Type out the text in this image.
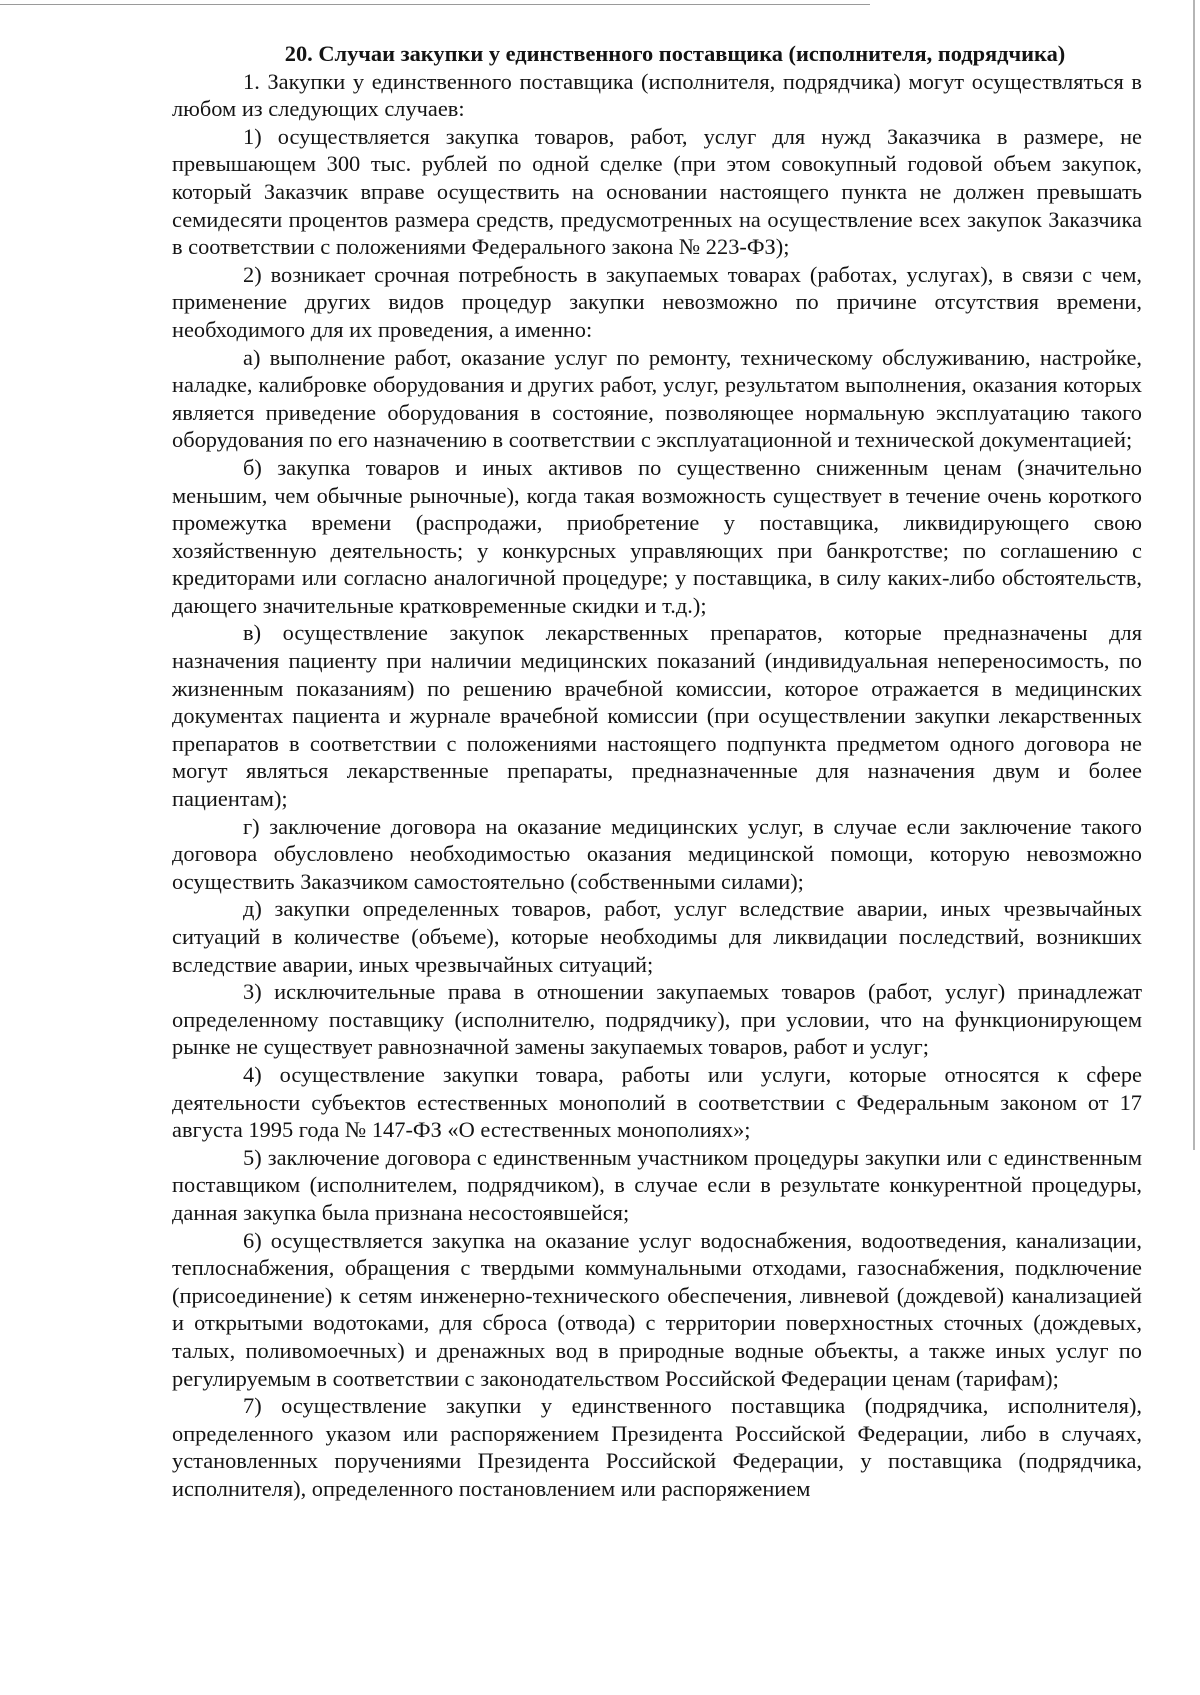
20. Случаи закупки у единственного поставщика (исполнителя, подрядчика)

1. Закупки у единственного поставщика (исполнителя, подрядчика) могут осуществляться в любом из следующих случаев:

1) осуществляется закупка товаров, работ, услуг для нужд Заказчика в размере, не превышающем 300 тыс. рублей по одной сделке (при этом совокупный годовой объем закупок, который Заказчик вправе осуществить на основании настоящего пункта не должен превышать семидесяти процентов размера средств, предусмотренных на осуществление всех закупок Заказчика в соответствии с положениями Федерального закона № 223-ФЗ);

2) возникает срочная потребность в закупаемых товарах (работах, услугах), в связи с чем, применение других видов процедур закупки невозможно по причине отсутствия времени, необходимого для их проведения, а именно:

а) выполнение работ, оказание услуг по ремонту, техническому обслуживанию, настройке, наладке, калибровке оборудования и других работ, услуг, результатом выполнения, оказания которых является приведение оборудования в состояние, позволяющее нормальную эксплуатацию такого оборудования по его назначению в соответствии с эксплуатационной и технической документацией;

б) закупка товаров и иных активов по существенно сниженным ценам (значительно меньшим, чем обычные рыночные), когда такая возможность существует в течение очень короткого промежутка времени (распродажи, приобретение у поставщика, ликвидирующего свою хозяйственную деятельность; у конкурсных управляющих при банкротстве; по соглашению с кредиторами или согласно аналогичной процедуре; у поставщика, в силу каких-либо обстоятельств, дающего значительные кратковременные скидки и т.д.);

в) осуществление закупок лекарственных препаратов, которые предназначены для назначения пациенту при наличии медицинских показаний (индивидуальная непереносимость, по жизненным показаниям) по решению врачебной комиссии, которое отражается в медицинских документах пациента и журнале врачебной комиссии (при осуществлении закупки лекарственных препаратов в соответствии с положениями настоящего подпункта предметом одного договора не могут являться лекарственные препараты, предназначенные для назначения двум и более пациентам);

г) заключение договора на оказание медицинских услуг, в случае если заключение такого договора обусловлено необходимостью оказания медицинской помощи, которую невозможно осуществить Заказчиком самостоятельно (собственными силами);

д) закупки определенных товаров, работ, услуг вследствие аварии, иных чрезвычайных ситуаций в количестве (объеме), которые необходимы для ликвидации последствий, возникших вследствие аварии, иных чрезвычайных ситуаций;

3) исключительные права в отношении закупаемых товаров (работ, услуг) принадлежат определенному поставщику (исполнителю, подрядчику), при условии, что на функционирующем рынке не существует равнозначной замены закупаемых товаров, работ и услуг;

4) осуществление закупки товара, работы или услуги, которые относятся к сфере деятельности субъектов естественных монополий в соответствии с Федеральным законом от 17 августа 1995 года № 147-ФЗ «О естественных монополиях»;

5) заключение договора с единственным участником процедуры закупки или с единственным поставщиком (исполнителем, подрядчиком), в случае если в результате конкурентной процедуры, данная закупка была признана несостоявшейся;

6) осуществляется закупка на оказание услуг водоснабжения, водоотведения, канализации, теплоснабжения, обращения с твердыми коммунальными отходами, газоснабжения, подключение (присоединение) к сетям инженерно-технического обеспечения, ливневой (дождевой) канализацией и открытыми водотоками, для сброса (отвода) с территории поверхностных сточных (дождевых, талых, поливомоечных) и дренажных вод в природные водные объекты, а также иных услуг по регулируемым в соответствии с законодательством Российской Федерации ценам (тарифам);

7) осуществление закупки у единственного поставщика (подрядчика, исполнителя), определенного указом или распоряжением Президента Российской Федерации, либо в случаях, установленных поручениями Президента Российской Федерации, у поставщика (подрядчика, исполнителя), определенного постановлением или распоряжением
